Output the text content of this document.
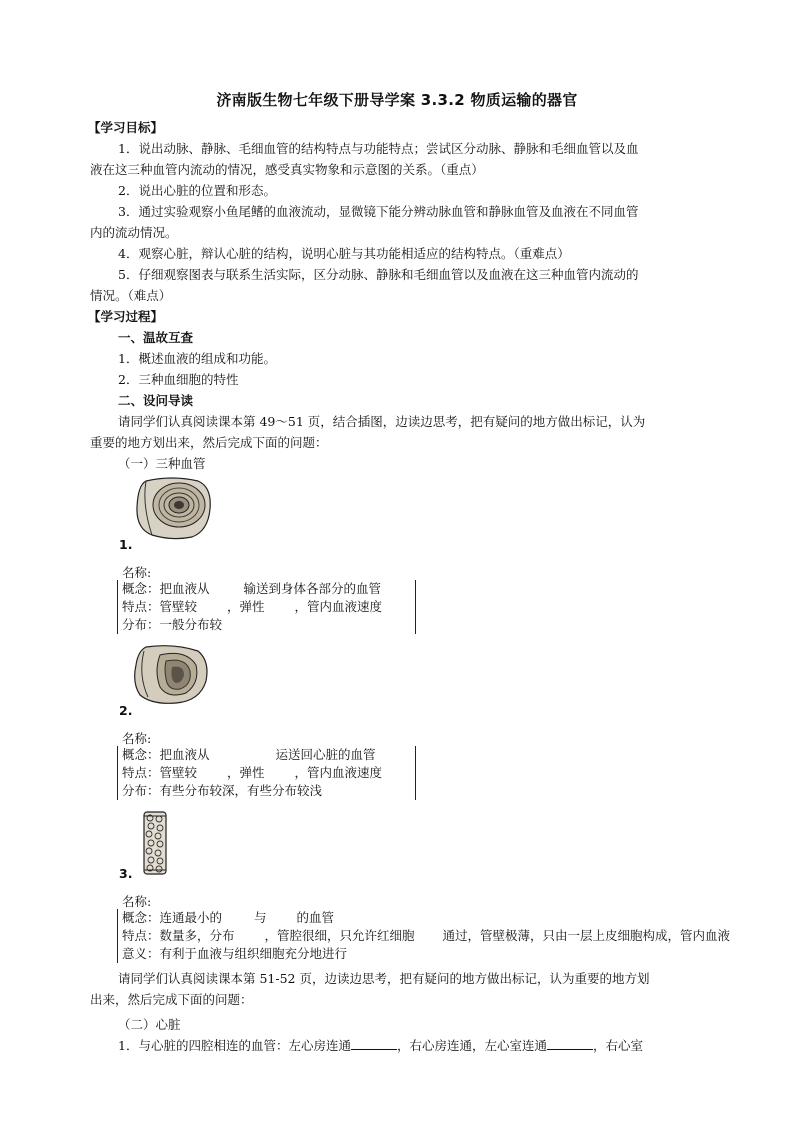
济南版生物七年级下册导学案 3.3.2 物质运输的器官
【学习目标】
1．说出动脉、静脉、毛细血管的结构特点与功能特点；尝试区分动脉、静脉和毛细血管以及血
液在这三种血管内流动的情况，感受真实物象和示意图的关系。（重点）
2．说出心脏的位置和形态。
3．通过实验观察小鱼尾鳍的血液流动，显微镜下能分辨动脉血管和静脉血管及血液在不同血管
内的流动情况。
4．观察心脏，辩认心脏的结构，说明心脏与其功能相适应的结构特点。（重难点）
5．仔细观察图表与联系生活实际，区分动脉、静脉和毛细血管以及血液在这三种血管内流动的
情况。（难点）
【学习过程】
一、温故互查
1．概述血液的组成和功能。
2．三种血细胞的特性
二、设问导读
请同学们认真阅读课本第 49～51 页，结合插图，边读边思考，把有疑问的地方做出标记，认为
重要的地方划出来，然后完成下面的问题：
（一）三种血管
1.
名称:
概念：把血液从	输送到身体各部分的血管
特点：管壁较 ，弹性 ，管内血液速度
分布：一般分布较
2.
名称:
概念：把血液从	运送回心脏的血管
特点：管壁较 ，弹性 ，管内血液速度
分布：有些分布较深，有些分布较浅
3.
名称:
概念：连通最小的	与 的血管
特点：数量多，分布 ，管腔很细，只允许红细胞 通过，管壁极薄，只由一层上皮细胞构成，管内血液
意义：有利于血液与组织细胞充分地进行
请同学们认真阅读课本第 51-52 页，边读边思考，把有疑问的地方做出标记，认为重要的地方划
出来，然后完成下面的问题：
（二）心脏
1．与心脏的四腔相连的血管：左心房连通	，右心房连通，左心室连通	，右心室
